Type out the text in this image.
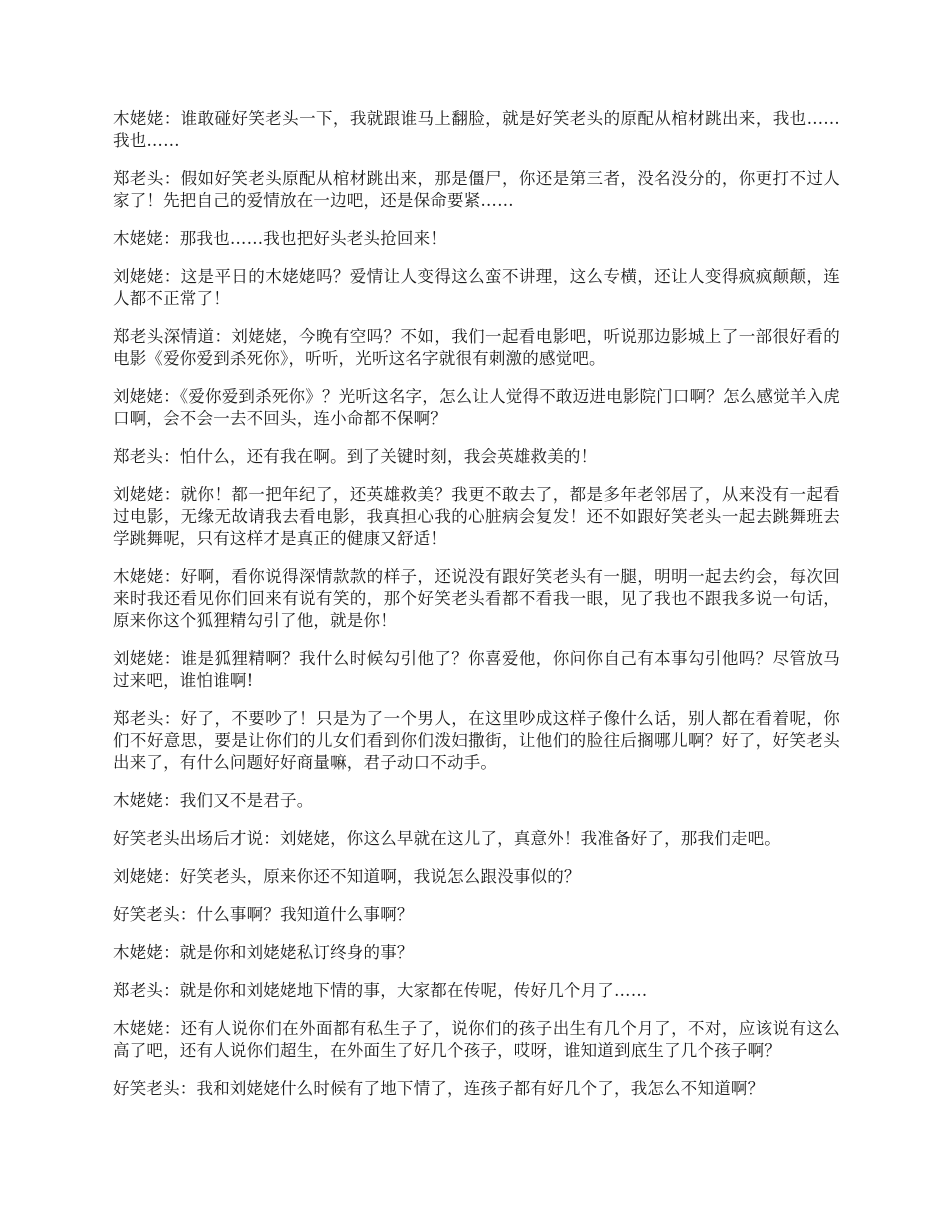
木姥姥：谁敢碰好笑老头一下，我就跟谁马上翻脸，就是好笑老头的原配从棺材跳出来，我也……我也……

郑老头：假如好笑老头原配从棺材跳出来，那是僵尸，你还是第三者，没名没分的，你更打不过人家了！先把自己的爱情放在一边吧，还是保命要紧……

木姥姥：那我也……我也把好头老头抢回来！

刘姥姥：这是平日的木姥姥吗？爱情让人变得这么蛮不讲理，这么专横，还让人变得疯疯颠颠，连人都不正常了！

郑老头深情道：刘姥姥，今晚有空吗？不如，我们一起看电影吧，听说那边影城上了一部很好看的电影《爱你爱到杀死你》，听听，光听这名字就很有刺激的感觉吧。

刘姥姥：《爱你爱到杀死你》？光听这名字，怎么让人觉得不敢迈进电影院门口啊？怎么感觉羊入虎口啊，会不会一去不回头，连小命都不保啊？

郑老头：怕什么，还有我在啊。到了关键时刻，我会英雄救美的！

刘姥姥：就你！都一把年纪了，还英雄救美？我更不敢去了，都是多年老邻居了，从来没有一起看过电影，无缘无故请我去看电影，我真担心我的心脏病会复发！还不如跟好笑老头一起去跳舞班去学跳舞呢，只有这样才是真正的健康又舒适！

木姥姥：好啊，看你说得深情款款的样子，还说没有跟好笑老头有一腿，明明一起去约会，每次回来时我还看见你们回来有说有笑的，那个好笑老头看都不看我一眼，见了我也不跟我多说一句话，原来你这个狐狸精勾引了他，就是你！

刘姥姥：谁是狐狸精啊？我什么时候勾引他了？你喜爱他，你问你自己有本事勾引他吗？尽管放马过来吧，谁怕谁啊!

郑老头：好了，不要吵了！只是为了一个男人，在这里吵成这样子像什么话，别人都在看着呢，你们不好意思，要是让你们的儿女们看到你们泼妇撒街，让他们的脸往后搁哪儿啊？好了，好笑老头出来了，有什么问题好好商量嘛，君子动口不动手。

木姥姥：我们又不是君子。

好笑老头出场后才说：刘姥姥，你这么早就在这儿了，真意外！我准备好了，那我们走吧。

刘姥姥：好笑老头，原来你还不知道啊，我说怎么跟没事似的？

好笑老头：什么事啊？我知道什么事啊？

木姥姥：就是你和刘姥姥私订终身的事？

郑老头：就是你和刘姥姥地下情的事，大家都在传呢，传好几个月了……

木姥姥：还有人说你们在外面都有私生子了，说你们的孩子出生有几个月了，不对，应该说有这么高了吧，还有人说你们超生，在外面生了好几个孩子，哎呀，谁知道到底生了几个孩子啊？

好笑老头：我和刘姥姥什么时候有了地下情了，连孩子都有好几个了，我怎么不知道啊？
